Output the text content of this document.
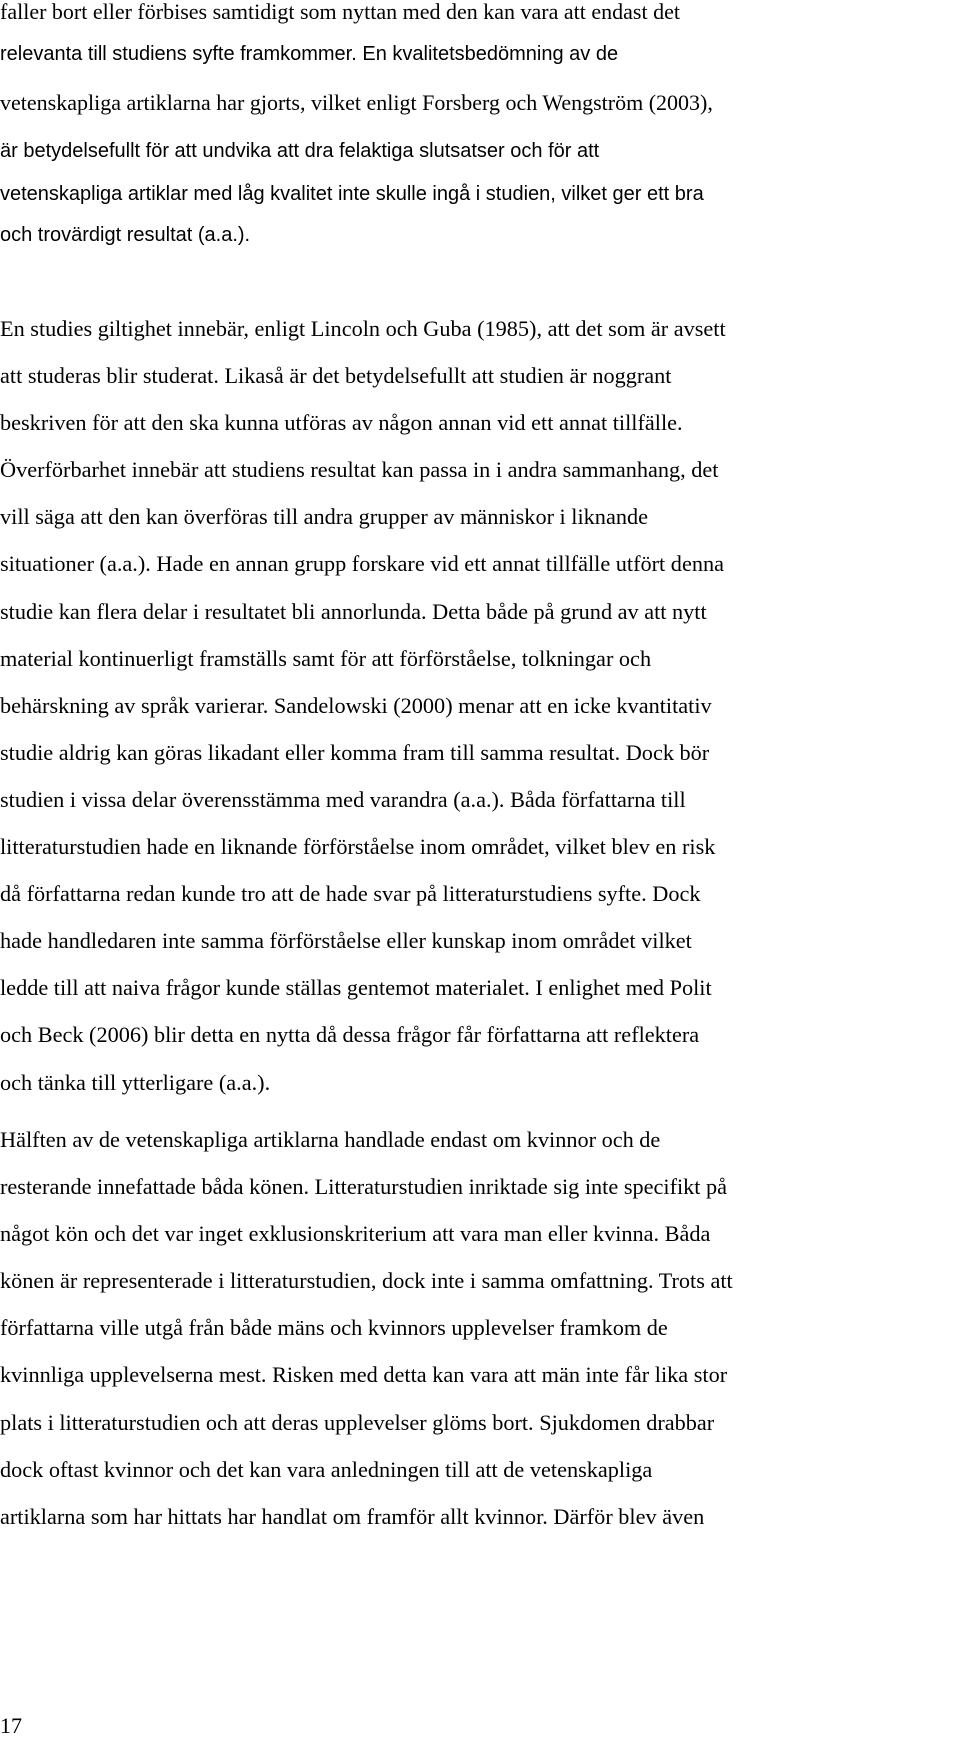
faller bort eller förbises samtidigt som nyttan med den kan vara att endast det
relevanta till studiens syfte framkommer. En kvalitetsbedömning av de
vetenskapliga artiklarna har gjorts, vilket enligt Forsberg och Wengström (2003),
är betydelsefullt för att undvika att dra felaktiga slutsatser och för att
vetenskapliga artiklar med låg kvalitet inte skulle ingå i studien, vilket ger ett bra
och trovärdigt resultat (a.a.).
En studies giltighet innebär, enligt Lincoln och Guba (1985), att det som är avsett
att studeras blir studerat. Likaså är det betydelsefullt att studien är noggrant
beskriven för att den ska kunna utföras av någon annan vid ett annat tillfälle.
Överförbarhet innebär att studiens resultat kan passa in i andra sammanhang, det
vill säga att den kan överföras till andra grupper av människor i liknande
situationer (a.a.). Hade en annan grupp forskare vid ett annat tillfälle utfört denna
studie kan flera delar i resultatet bli annorlunda. Detta både på grund av att nytt
material kontinuerligt framställs samt för att förförståelse, tolkningar och
behärskning av språk varierar. Sandelowski (2000) menar att en icke kvantitativ
studie aldrig kan göras likadant eller komma fram till samma resultat. Dock bör
studien i vissa delar överensstämma med varandra (a.a.). Båda författarna till
litteraturstudien hade en liknande förförståelse inom området, vilket blev en risk
då författarna redan kunde tro att de hade svar på litteraturstudiens syfte. Dock
hade handledaren inte samma förförståelse eller kunskap inom området vilket
ledde till att naiva frågor kunde ställas gentemot materialet. I enlighet med Polit
och Beck (2006) blir detta en nytta då dessa frågor får författarna att reflektera
och tänka till ytterligare (a.a.).
Hälften av de vetenskapliga artiklarna handlade endast om kvinnor och de
resterande innefattade båda könen. Litteraturstudien inriktade sig inte specifikt på
något kön och det var inget exklusionskriterium att vara man eller kvinna. Båda
könen är representerade i litteraturstudien, dock inte i samma omfattning. Trots att
författarna ville utgå från både mäns och kvinnors upplevelser framkom de
kvinnliga upplevelserna mest. Risken med detta kan vara att män inte får lika stor
plats i litteraturstudien och att deras upplevelser glöms bort. Sjukdomen drabbar
dock oftast kvinnor och det kan vara anledningen till att de vetenskapliga
artiklarna som har hittats har handlat om framför allt kvinnor. Därför blev även
17
